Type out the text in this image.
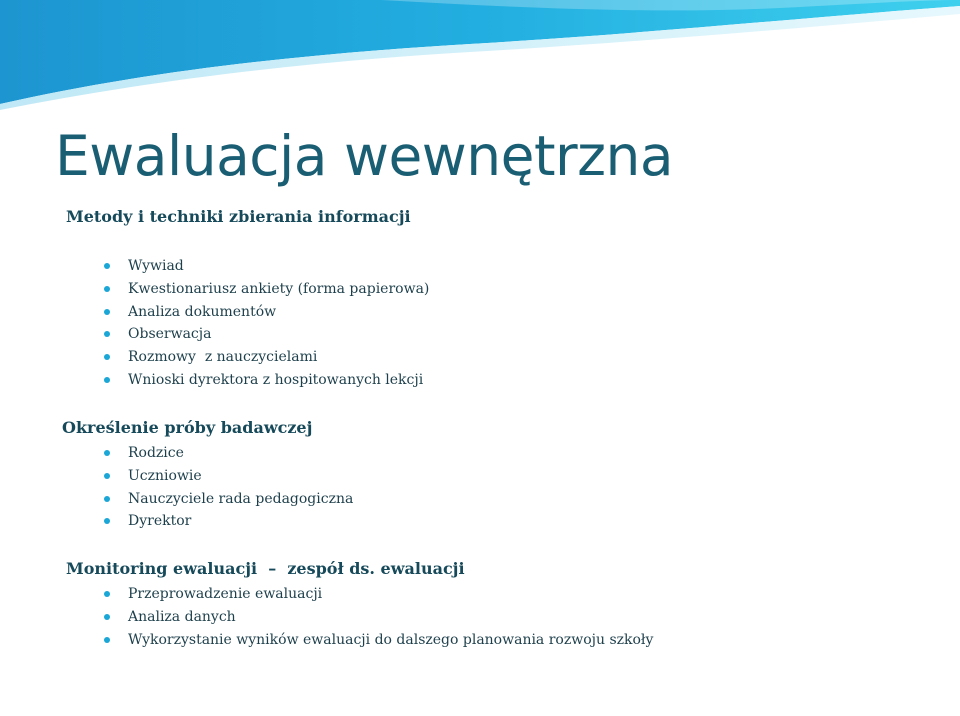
Ewaluacja wewnętrzna
Metody i techniki zbierania informacji
Wywiad
Kwestionariusz ankiety (forma papierowa)
Analiza dokumentów
Obserwacja
Rozmowy  z nauczycielami
Wnioski dyrektora z hospitowanych lekcji
Określenie próby badawczej
Rodzice
Uczniowie
Nauczyciele rada pedagogiczna
Dyrektor
Monitoring ewaluacji  –  zespół ds. ewaluacji
Przeprowadzenie ewaluacji
Analiza danych
Wykorzystanie wyników ewaluacji do dalszego planowania rozwoju szkoły
